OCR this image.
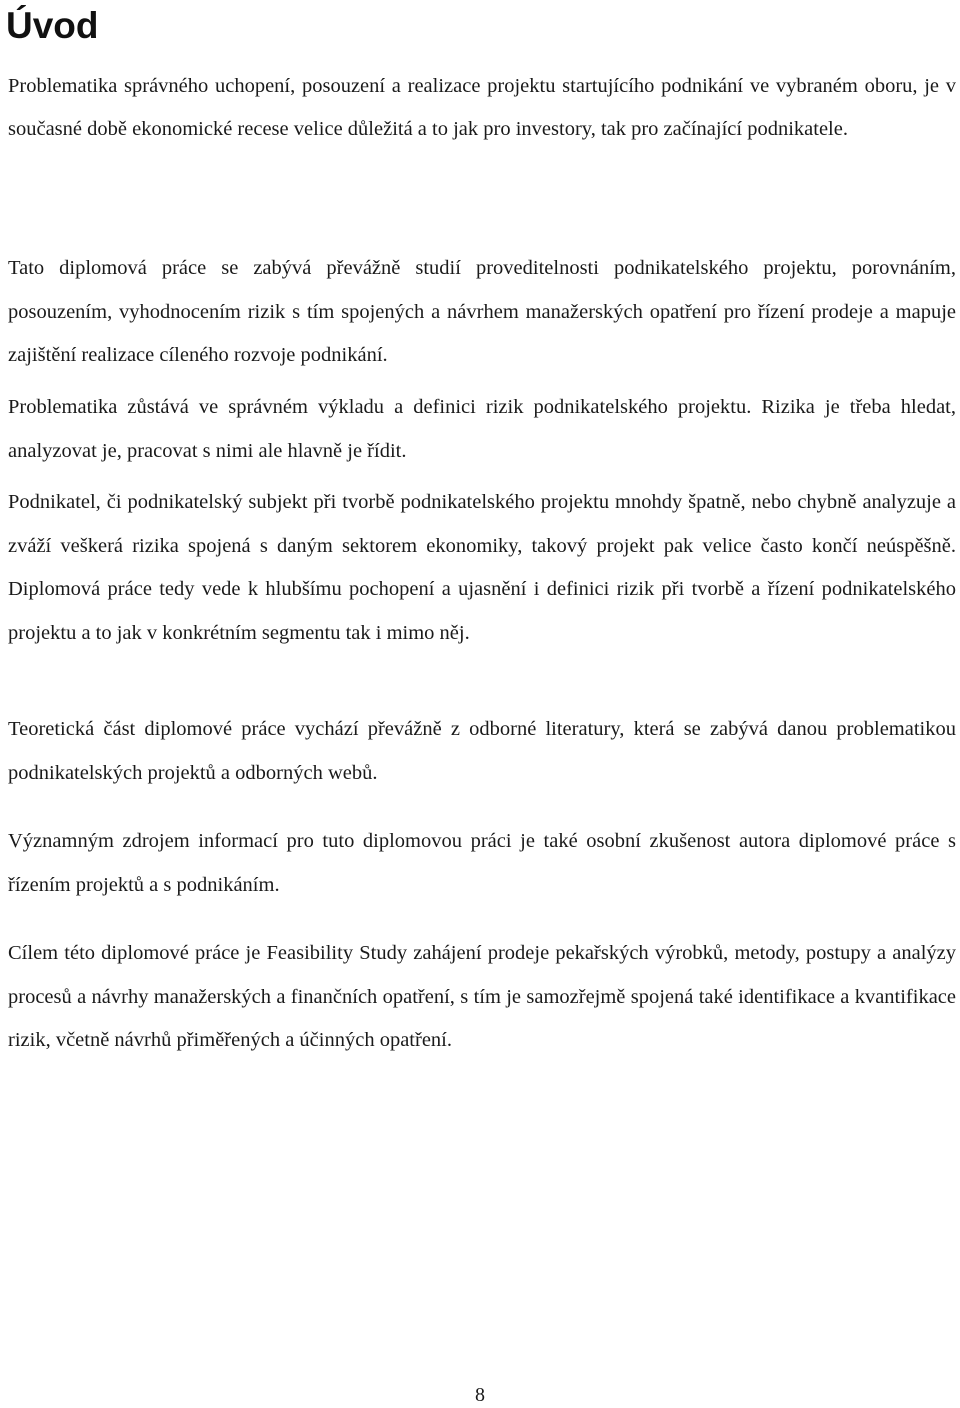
Úvod

Problematika správného uchopení, posouzení a realizace projektu startujícího podnikání ve vybraném oboru, je v současné době ekonomické recese velice důležitá a to jak pro investory, tak pro začínající podnikatele.

Tato diplomová práce se zabývá převážně studií proveditelnosti podnikatelského projektu, porovnáním, posouzením, vyhodnocením rizik s tím spojených a návrhem manažerských opatření pro řízení prodeje a mapuje zajištění realizace cíleného rozvoje podnikání.

Problematika zůstává ve správném výkladu a definici rizik podnikatelského projektu. Rizika je třeba hledat, analyzovat je, pracovat s nimi ale hlavně je řídit.

Podnikatel, či podnikatelský subjekt při tvorbě podnikatelského projektu mnohdy špatně, nebo chybně analyzuje a zváží veškerá rizika spojená s daným sektorem ekonomiky, takový projekt pak velice často končí neúspěšně. Diplomová práce tedy vede k hlubšímu pochopení a ujasnění i definici rizik při tvorbě a řízení podnikatelského projektu a to jak v konkrétním segmentu tak i mimo něj.

Teoretická část diplomové práce vychází převážně z odborné literatury, která se zabývá danou problematikou podnikatelských projektů a odborných webů.

Významným zdrojem informací pro tuto diplomovou práci je také osobní zkušenost autora diplomové práce s řízením projektů a s podnikáním.

Cílem této diplomové práce je Feasibility Study zahájení prodeje pekařských výrobků, metody, postupy a analýzy procesů a návrhy manažerských a finančních opatření, s tím je samozřejmě spojená také identifikace a kvantifikace rizik, včetně návrhů přiměřených a účinných opatření.

8
